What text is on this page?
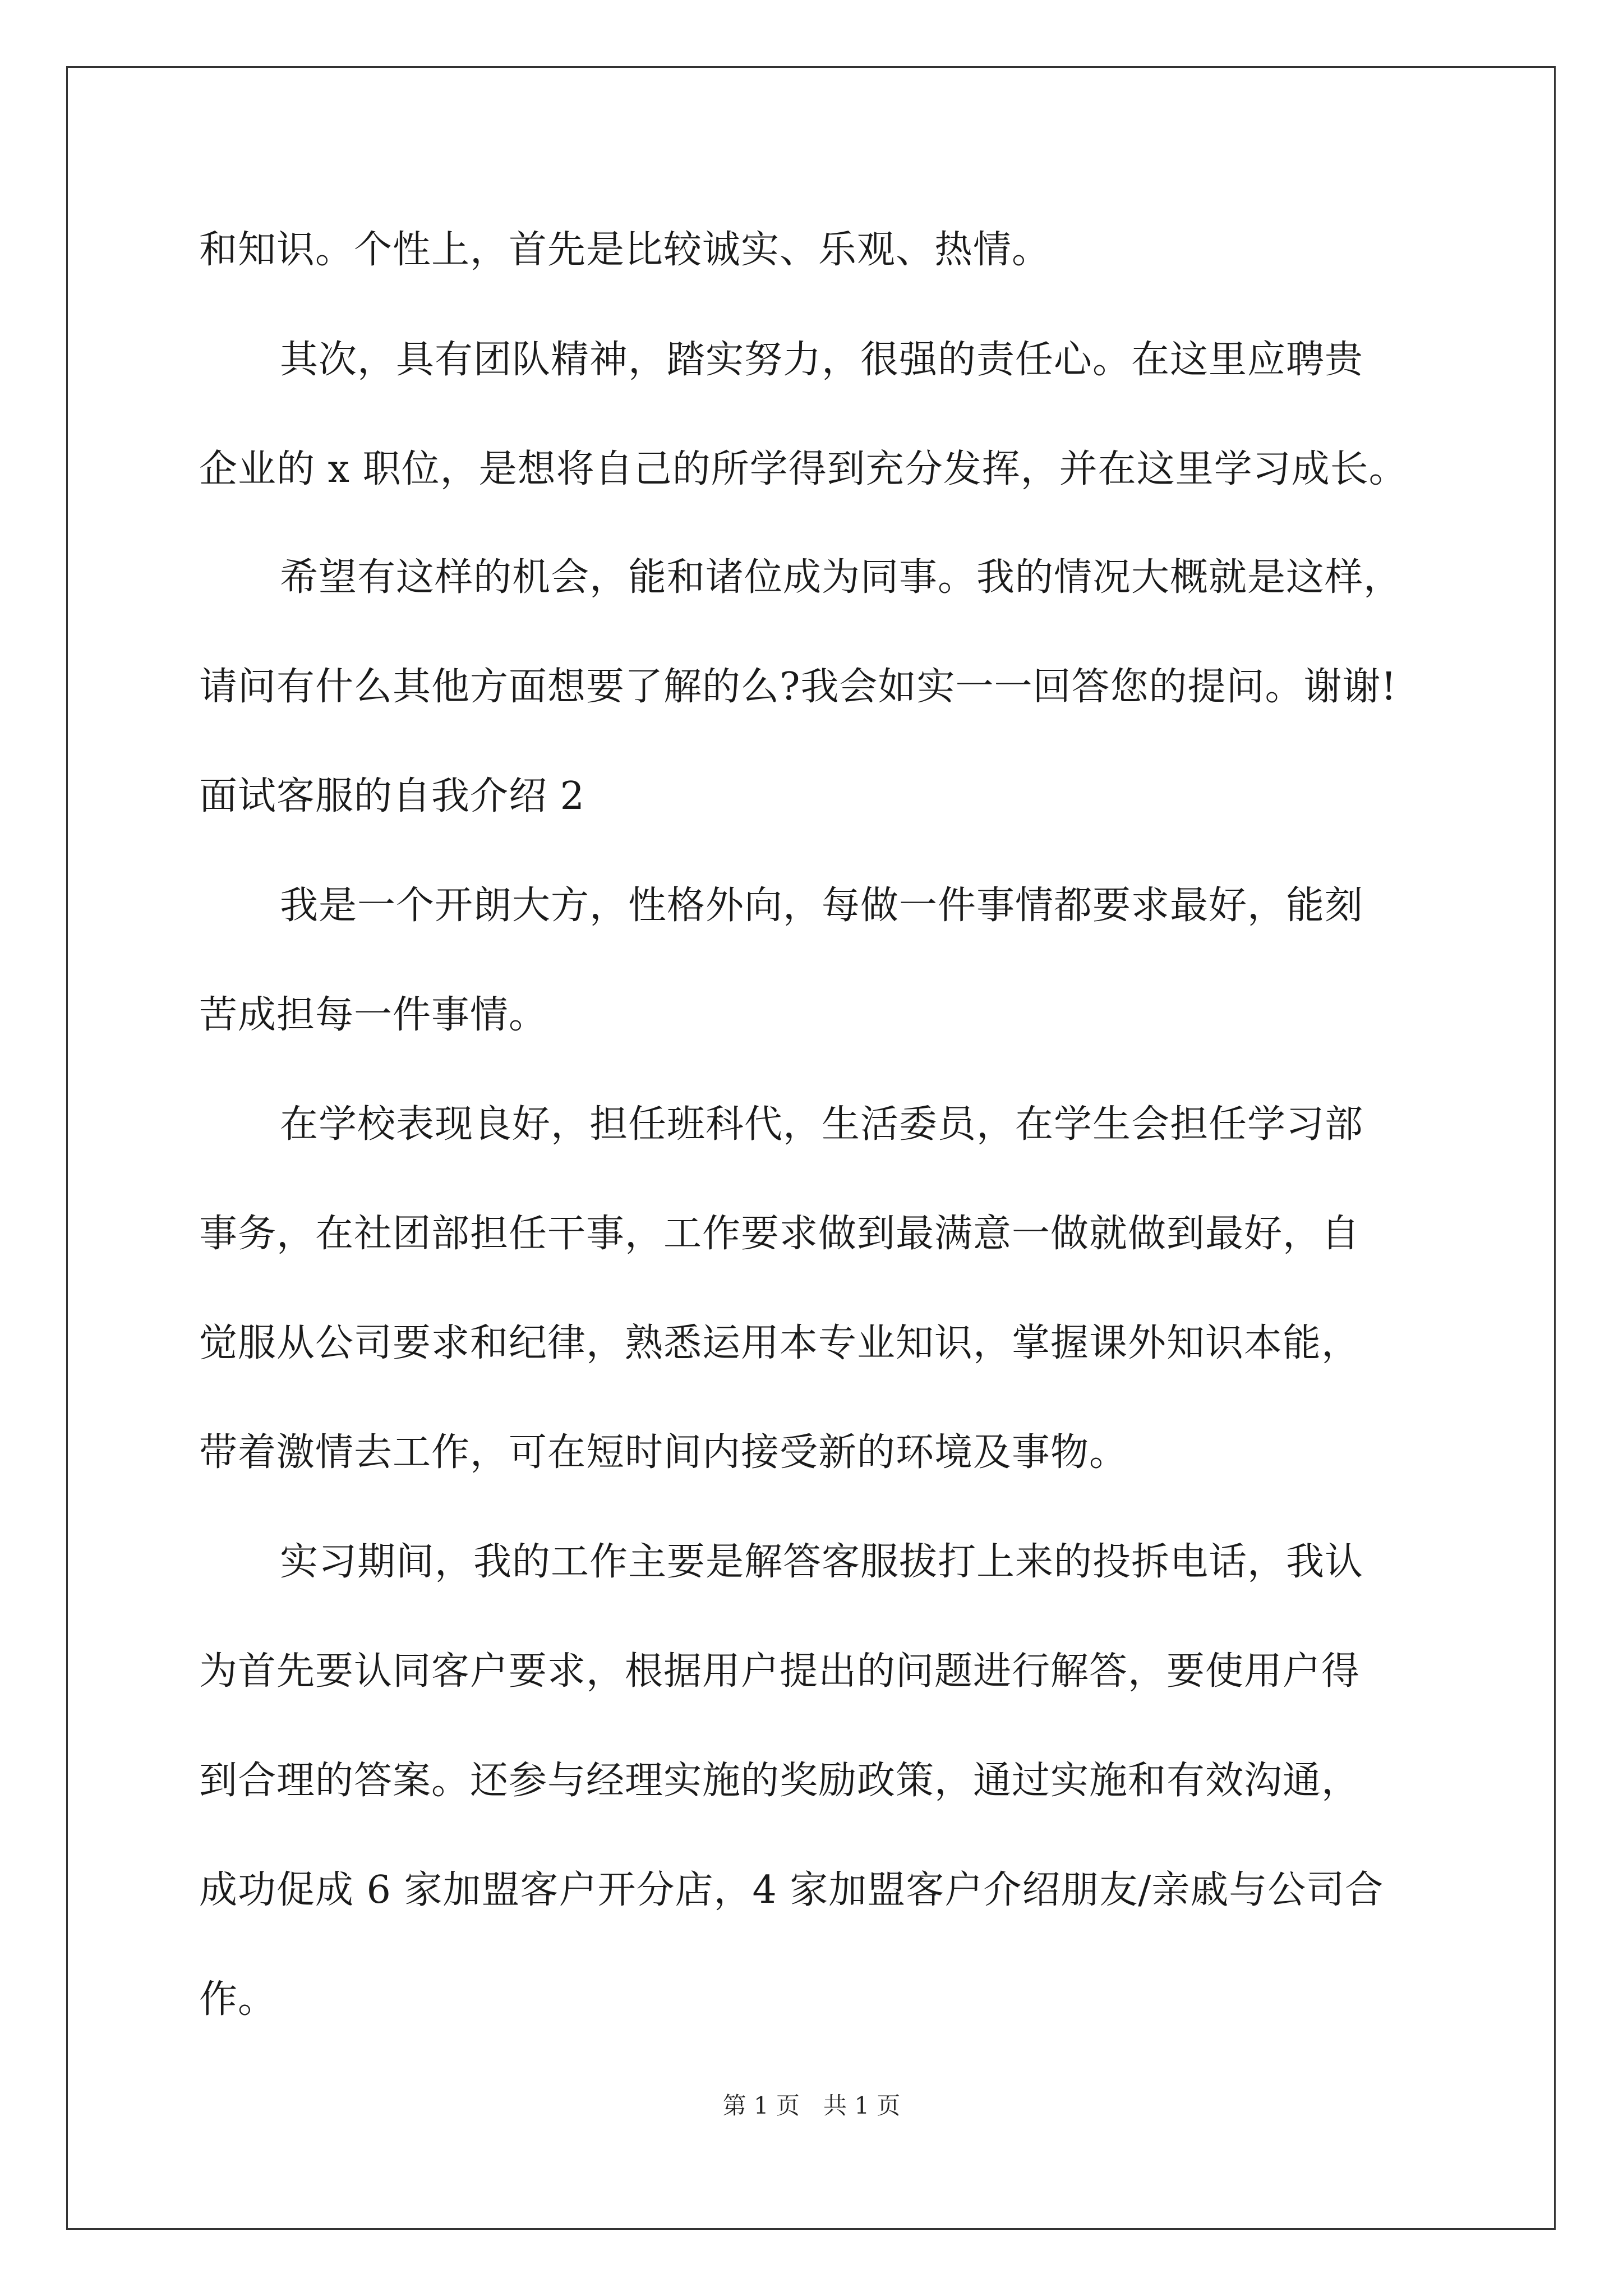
和知识。个性上，首先是比较诚实、乐观、热情。
其次，具有团队精神，踏实努力，很强的责任心。在这里应聘贵
企业的 x 职位，是想将自己的所学得到充分发挥，并在这里学习成长。
希望有这样的机会，能和诸位成为同事。我的情况大概就是这样，
请问有什么其他方面想要了解的么?我会如实一一回答您的提问。谢谢!
面试客服的自我介绍 2
我是一个开朗大方，性格外向，每做一件事情都要求最好，能刻
苦成担每一件事情。
在学校表现良好，担任班科代，生活委员，在学生会担任学习部
事务，在社团部担任干事，工作要求做到最满意一做就做到最好，自
觉服从公司要求和纪律，熟悉运用本专业知识，掌握课外知识本能，
带着激情去工作，可在短时间内接受新的环境及事物。
实习期间，我的工作主要是解答客服拔打上来的投拆电话，我认
为首先要认同客户要求，根据用户提出的问题进行解答，要使用户得
到合理的答案。还参与经理实施的奖励政策，通过实施和有效沟通，
成功促成 6 家加盟客户开分店，4 家加盟客户介绍朋友/亲戚与公司合
作。
第 1 页　共 1 页
